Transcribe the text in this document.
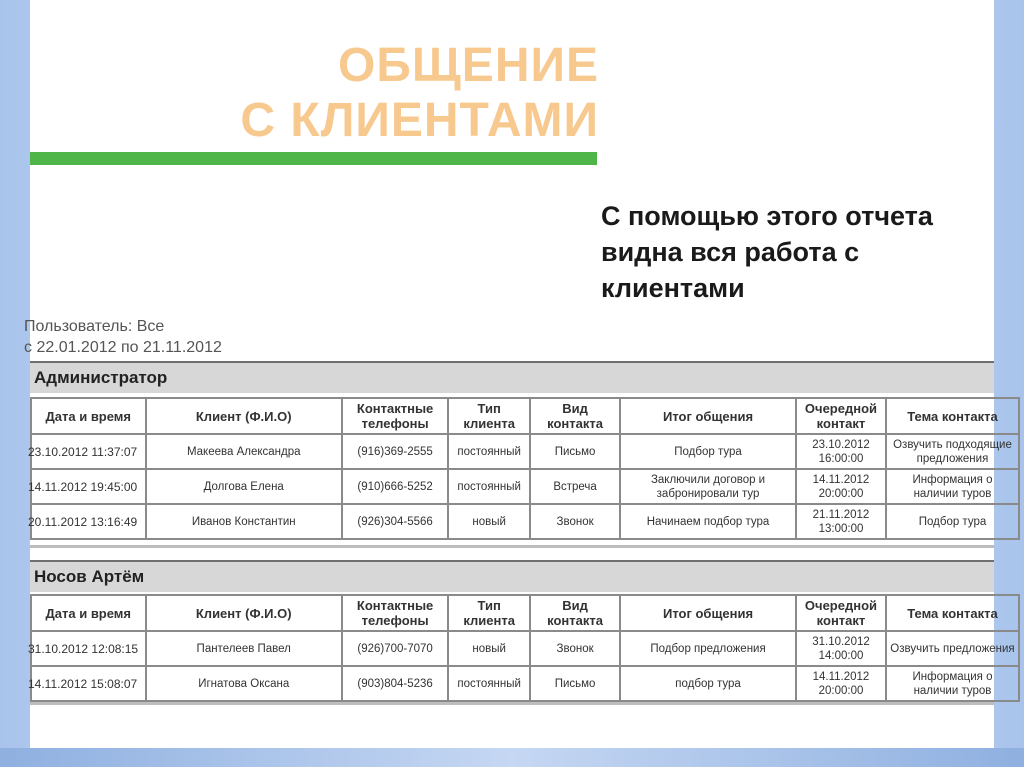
ОБЩЕНИЕ
С КЛИЕНТАМИ
С помощью этого отчета видна вся работа с клиентами
Пользователь: Все
с 22.01.2012 по 21.11.2012
Администратор
Дата и время	Клиент (Ф.И.О)	Контактные телефоны	Тип клиента	Вид контакта	Итог общения	Очередной контакт	Тема контакта
23.10.2012 11:37:07	Макеева Александра	(916)369-2555	постоянный	Письмо	Подбор тура	23.10.2012 16:00:00	Озвучить подходящие предложения
14.11.2012 19:45:00	Долгова Елена	(910)666-5252	постоянный	Встреча	Заключили договор и забронировали тур	14.11.2012 20:00:00	Информация о наличии туров
20.11.2012 13:16:49	Иванов Константин	(926)304-5566	новый	Звонок	Начинаем подбор тура	21.11.2012 13:00:00	Подбор тура
Носов Артём
Дата и время	Клиент (Ф.И.О)	Контактные телефоны	Тип клиента	Вид контакта	Итог общения	Очередной контакт	Тема контакта
31.10.2012 12:08:15	Пантелеев Павел	(926)700-7070	новый	Звонок	Подбор предложения	31.10.2012 14:00:00	Озвучить предложения
14.11.2012 15:08:07	Игнатова Оксана	(903)804-5236	постоянный	Письмо	подбор тура	14.11.2012 20:00:00	Информация о наличии туров
